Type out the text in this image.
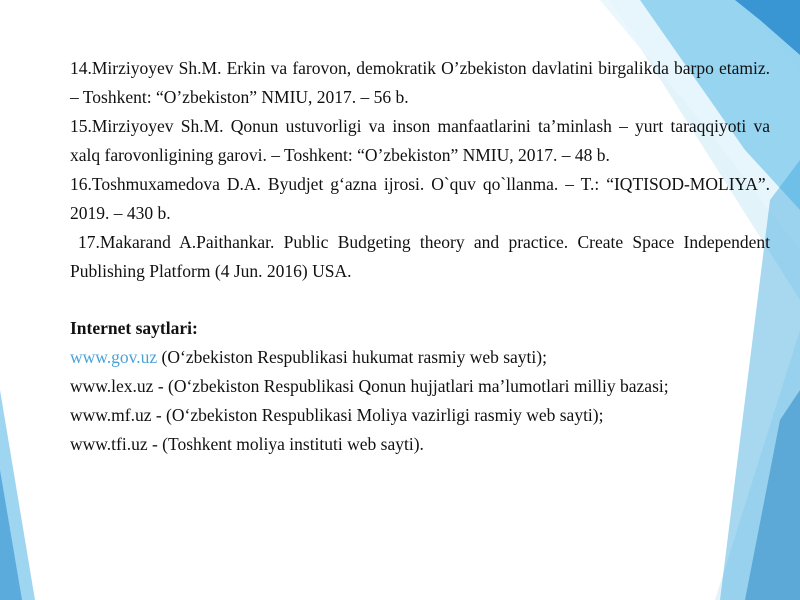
14.Mirziyoyev Sh.M. Erkin va farovon, demokratik O’zbekiston davlatini birgalikda barpo etamiz. – Toshkent: “O’zbekiston” NMIU, 2017. – 56 b.
15.Mirziyoyev Sh.M. Qonun ustuvorligi va inson manfaatlarini ta’minlash – yurt taraqqiyoti va xalq farovonligining garovi. – Toshkent: “O’zbekiston” NMIU, 2017. – 48 b.
16.Toshmuxamedova D.A. Byudjet g‘azna ijrosi. O`quv qo`llanma. – T.: “IQTISOD-MOLIYA”. 2019. – 430 b.
17.Makarand A.Paithankar. Public Budgeting theory and practice. Create Space Independent Publishing Platform (4 Jun. 2016) USA.
Internet saytlari:
www.gov.uz (O‘zbekiston Respublikasi hukumat rasmiy web sayti);
www.lex.uz - (O‘zbekiston Respublikasi Qonun hujjatlari ma’lumotlari milliy bazasi;
www.mf.uz - (O‘zbekiston Respublikasi Moliya vazirligi rasmiy web sayti);
www.tfi.uz - (Toshkent moliya instituti web sayti).
